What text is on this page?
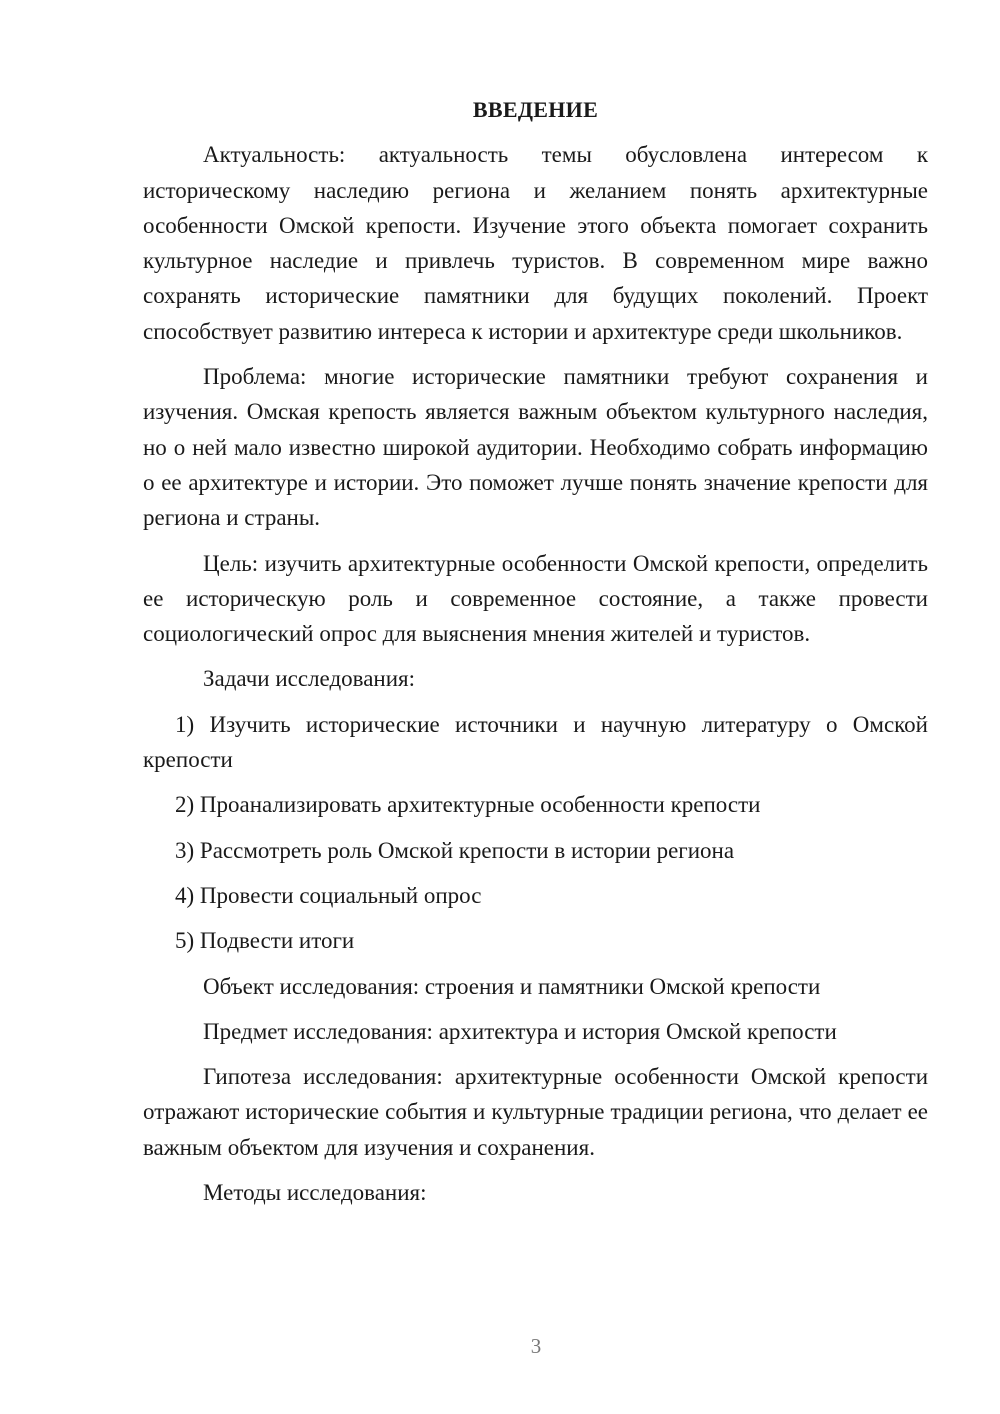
ВВЕДЕНИЕ

Актуальность: актуальность темы обусловлена интересом к историческому наследию региона и желанием понять архитектурные особенности Омской крепости. Изучение этого объекта помогает сохранить культурное наследие и привлечь туристов. В современном мире важно сохранять исторические памятники для будущих поколений. Проект способствует развитию интереса к истории и архитектуре среди школьников.

Проблема: многие исторические памятники требуют сохранения и изучения. Омская крепость является важным объектом культурного наследия, но о ней мало известно широкой аудитории. Необходимо собрать информацию о ее архитектуре и истории. Это поможет лучше понять значение крепости для региона и страны.

Цель: изучить архитектурные особенности Омской крепости, определить ее историческую роль и современное состояние, а также провести социологический опрос для выяснения мнения жителей и туристов.

Задачи исследования:

1) Изучить исторические источники и научную литературу о Омской крепости

2) Проанализировать архитектурные особенности крепости

3) Рассмотреть роль Омской крепости в истории региона

4) Провести социальный опрос

5) Подвести итоги

Объект исследования: строения и памятники Омской крепости

Предмет исследования: архитектура и история Омской крепости

Гипотеза исследования: архитектурные особенности Омской крепости отражают исторические события и культурные традиции региона, что делает ее важным объектом для изучения и сохранения.

Методы исследования:

3
